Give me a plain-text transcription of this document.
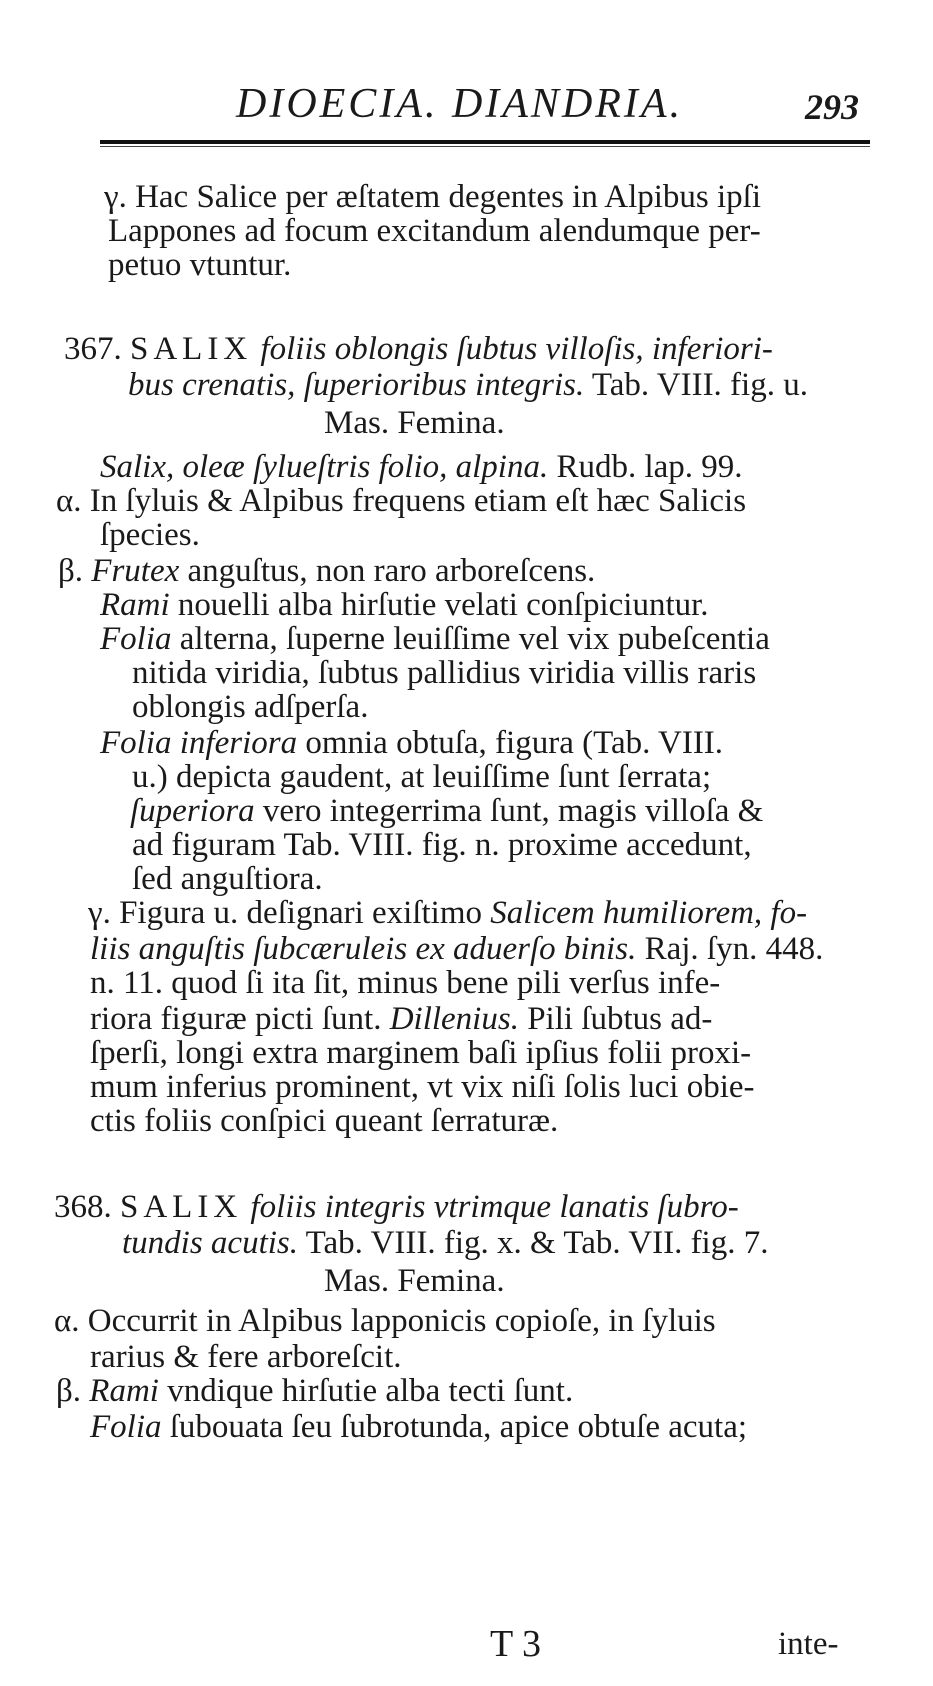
DIOECIA. DIANDRIA.	293
γ. Hac Salice per æſtatem degentes in Alpibus ipſi
Lappones ad focum excitandum alendumque per-
petuo vtuntur.
367. SALIX foliis oblongis ſubtus villoſis, inferiori-
bus crenatis, ſuperioribus integris. Tab. VIII. fig. u.
Mas. Femina.
Salix, oleæ ſylueſtris folio, alpina. Rudb. lap. 99.
α. In ſyluis & Alpibus frequens etiam eſt hæc Salicis
ſpecies.
β. Frutex anguſtus, non raro arboreſcens.
Rami nouelli alba hirſutie velati conſpiciuntur.
Folia alterna, ſuperne leuiſſime vel vix pubeſcentia
nitida viridia, ſubtus pallidius viridia villis raris
oblongis adſperſa.
Folia inferiora omnia obtuſa, figura (Tab. VIII.
u.) depicta gaudent, at leuiſſime ſunt ſerrata;
ſuperiora vero integerrima ſunt, magis villoſa &
ad figuram Tab. VIII. fig. n. proxime accedunt,
ſed anguſtiora.
γ. Figura u. deſignari exiſtimo Salicem humiliorem, fo-
liis anguſtis ſubcæruleis ex aduerſo binis. Raj. ſyn. 448.
n. 11. quod ſi ita ſit, minus bene pili verſus infe-
riora figuræ picti ſunt. Dillenius. Pili ſubtus ad-
ſperſi, longi extra marginem baſi ipſius folii proxi-
mum inferius prominent, vt vix niſi ſolis luci obie-
ctis foliis conſpici queant ſerraturæ.
368. SALIX foliis integris vtrimque lanatis ſubro-
tundis acutis. Tab. VIII. fig. x. & Tab. VII. fig. 7.
Mas. Femina.
α. Occurrit in Alpibus lapponicis copioſe, in ſyluis
rarius & fere arboreſcit.
β. Rami vndique hirſutie alba tecti ſunt.
Folia ſubouata ſeu ſubrotunda, apice obtuſe acuta;
T 3	inte-
